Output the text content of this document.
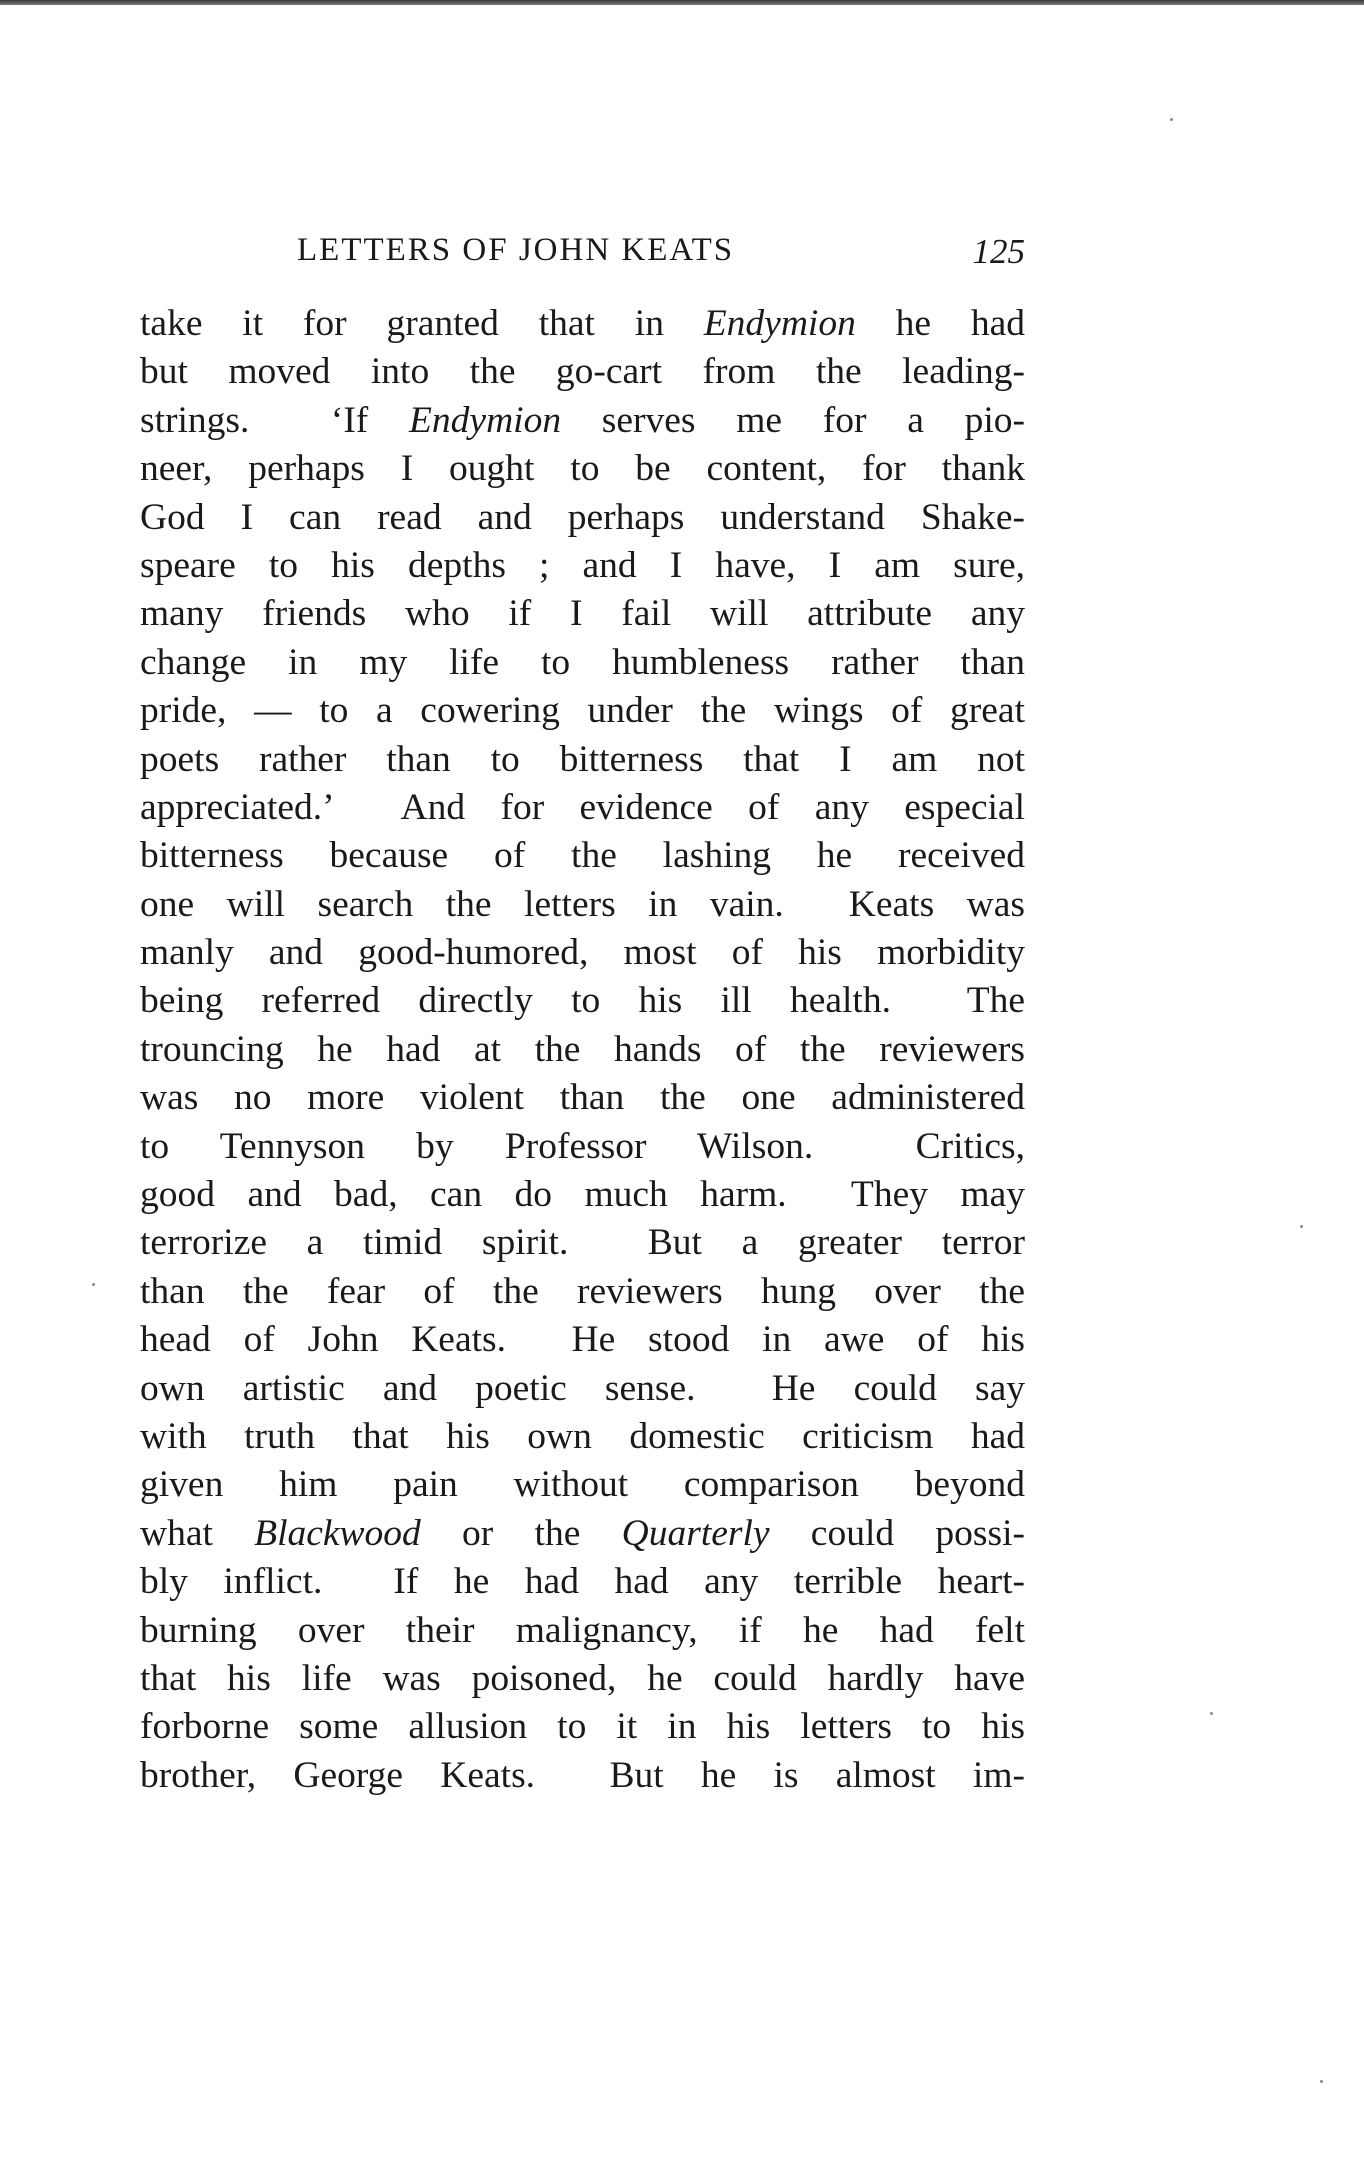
LETTERS OF JOHN KEATS	125
take it for granted that in Endymion he had
but moved into the go-cart from the leading-
strings.  ‘If Endymion serves me for a pio-
neer, perhaps I ought to be content, for thank
God I can read and perhaps understand Shake-
speare to his depths ; and I have, I am sure,
many friends who if I fail will attribute any
change in my life to humbleness rather than
pride, — to a cowering under the wings of great
poets rather than to bitterness that I am not
appreciated.’  And for evidence of any especial
bitterness because of the lashing he received
one will search the letters in vain.  Keats was
manly and good-humored, most of his morbidity
being referred directly to his ill health.  The
trouncing he had at the hands of the reviewers
was no more violent than the one administered
to Tennyson by Professor Wilson.  Critics,
good and bad, can do much harm.  They may
terrorize a timid spirit.  But a greater terror
than the fear of the reviewers hung over the
head of John Keats.  He stood in awe of his
own artistic and poetic sense.  He could say
with truth that his own domestic criticism had
given him pain without comparison beyond
what Blackwood or the Quarterly could possi-
bly inflict.  If he had had any terrible heart-
burning over their malignancy, if he had felt
that his life was poisoned, he could hardly have
forborne some allusion to it in his letters to his
brother, George Keats.  But he is almost im-
